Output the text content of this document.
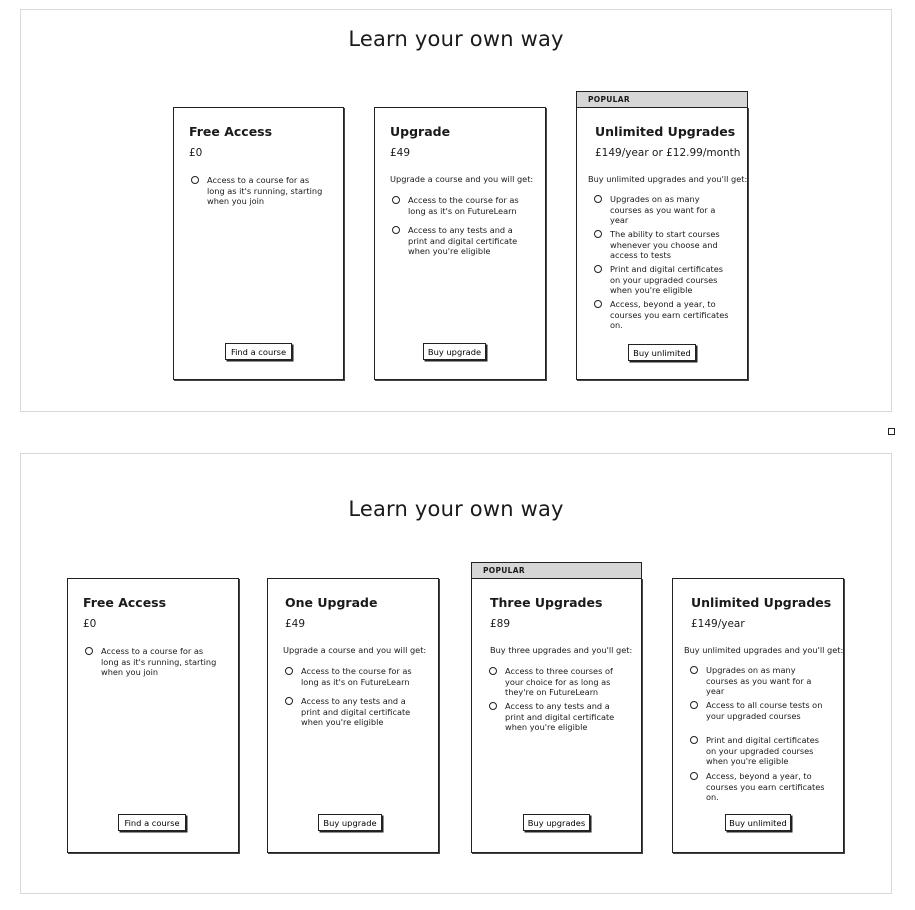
Learn your own way
Free Access

£0

Access to a course for as long as it's running, starting when you join
Find a course
Upgrade

£49

Upgrade a course and you will get:

Access to the course for as long as it's on FutureLearn
Access to any tests and a print and digital certificate when you're eligible
Buy upgrade
POPULAR
Unlimited Upgrades

£149/year or £12.99/month

Buy unlimited upgrades and you'll get:

Upgrades on as many courses as you want for a year
The ability to start courses whenever you choose and access to tests
Print and digital certificates on your upgraded courses when you're eligible
Access, beyond a year, to courses you earn certificates on.
Buy unlimited
Learn your own way
Free Access

£0

Access to a course for as long as it's running, starting when you join
Find a course
One Upgrade

£49

Upgrade a course and you will get:

Access to the course for as long as it's on FutureLearn
Access to any tests and a print and digital certificate when you're eligible
Buy upgrade
POPULAR
Three Upgrades

£89

Buy three upgrades and you'll get:

Access to three courses of your choice for as long as they're on FutureLearn
Access to any tests and a print and digital certificate when you're eligible
Buy upgrades
Unlimited Upgrades

£149/year

Buy unlimited upgrades and you'll get:

Upgrades on as many courses as you want for a year
Access to all course tests on your upgraded courses
Print and digital certificates on your upgraded courses when you're eligible
Access, beyond a year, to courses you earn certificates on.
Buy unlimited
